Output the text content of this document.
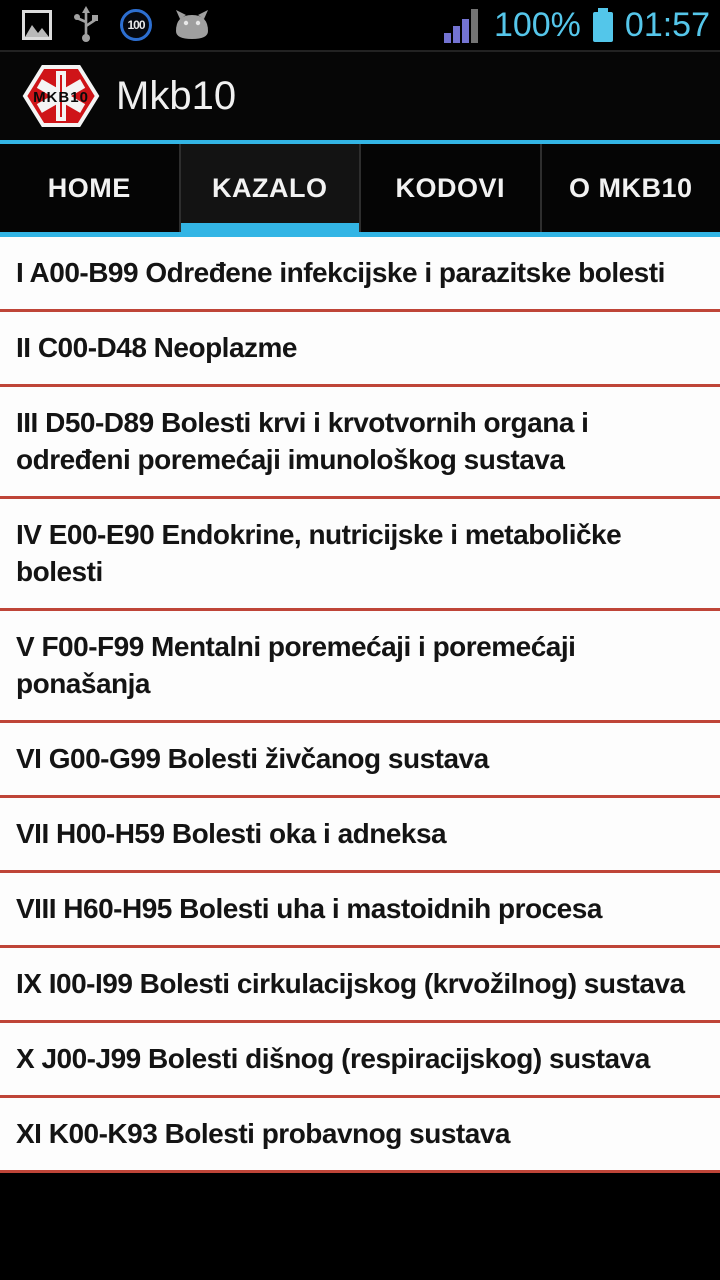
100	100% 01:57
MKB10 Mkb10
HOME	KAZALO	KODOVI	O MKB10
I A00-B99 Određene infekcijske i parazitske bolesti
II C00-D48 Neoplazme
III D50-D89 Bolesti krvi i krvotvornih organa i određeni poremećaji imunološkog sustava
IV E00-E90 Endokrine, nutricijske i metaboličke bolesti
V F00-F99 Mentalni poremećaji i poremećaji ponašanja
VI G00-G99 Bolesti živčanog sustava
VII H00-H59 Bolesti oka i adneksa
VIII H60-H95 Bolesti uha i mastoidnih procesa
IX I00-I99 Bolesti cirkulacijskog (krvožilnog) sustava
X J00-J99 Bolesti dišnog (respiracijskog) sustava
XI K00-K93 Bolesti probavnog sustava
